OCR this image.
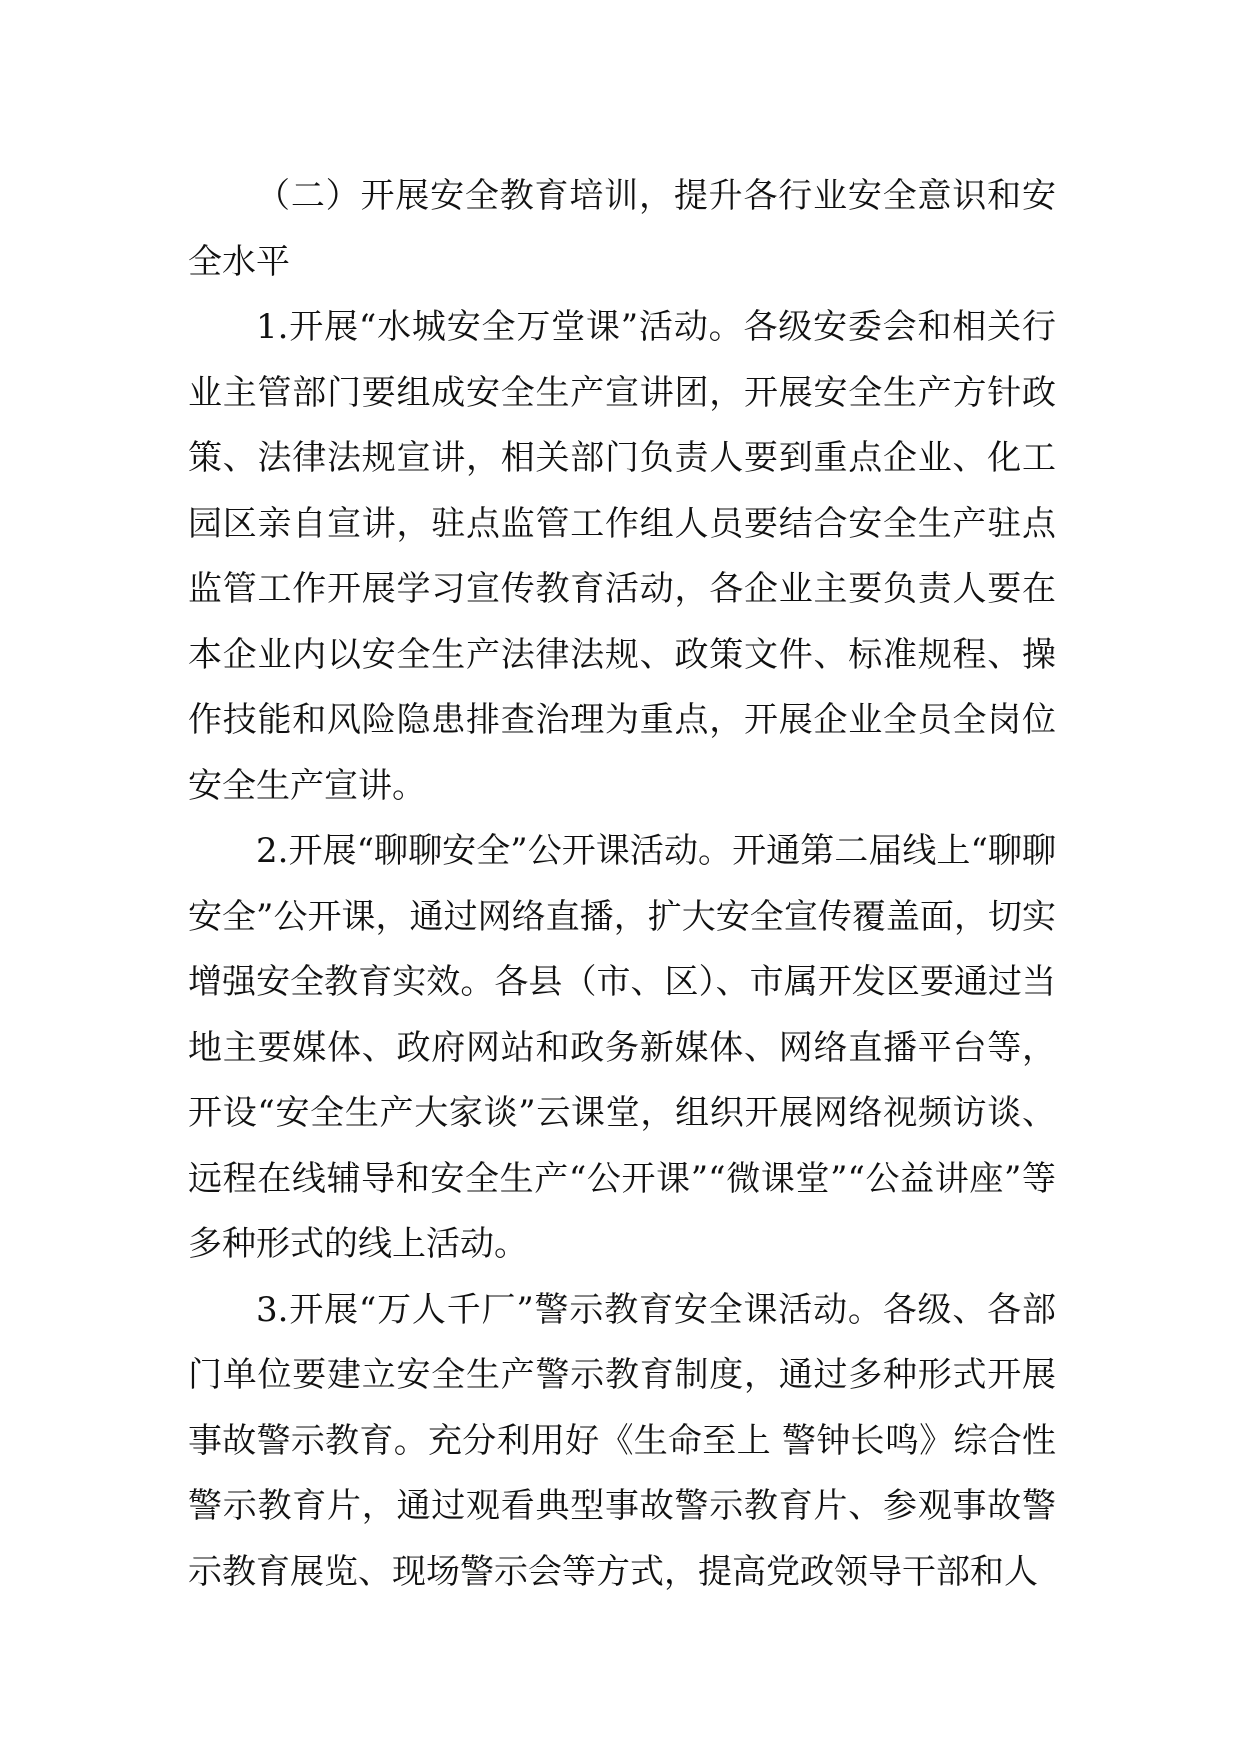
（二）开展安全教育培训，提升各行业安全意识和安全水平

1.开展“水城安全万堂课”活动。各级安委会和相关行业主管部门要组成安全生产宣讲团，开展安全生产方针政策、法律法规宣讲，相关部门负责人要到重点企业、化工园区亲自宣讲，驻点监管工作组人员要结合安全生产驻点监管工作开展学习宣传教育活动，各企业主要负责人要在本企业内以安全生产法律法规、政策文件、标准规程、操作技能和风险隐患排查治理为重点，开展企业全员全岗位安全生产宣讲。

2.开展“聊聊安全”公开课活动。开通第二届线上“聊聊安全”公开课，通过网络直播，扩大安全宣传覆盖面，切实增强安全教育实效。各县（市、区）、市属开发区要通过当地主要媒体、政府网站和政务新媒体、网络直播平台等，开设“安全生产大家谈”云课堂，组织开展网络视频访谈、远程在线辅导和安全生产“公开课”“微课堂”“公益讲座”等多种形式的线上活动。

3.开展“万人千厂”警示教育安全课活动。各级、各部门单位要建立安全生产警示教育制度，通过多种形式开展事故警示教育。充分利用好《生命至上 警钟长鸣》综合性警示教育片，通过观看典型事故警示教育片、参观事故警示教育展览、现场警示会等方式，提高党政领导干部和人
